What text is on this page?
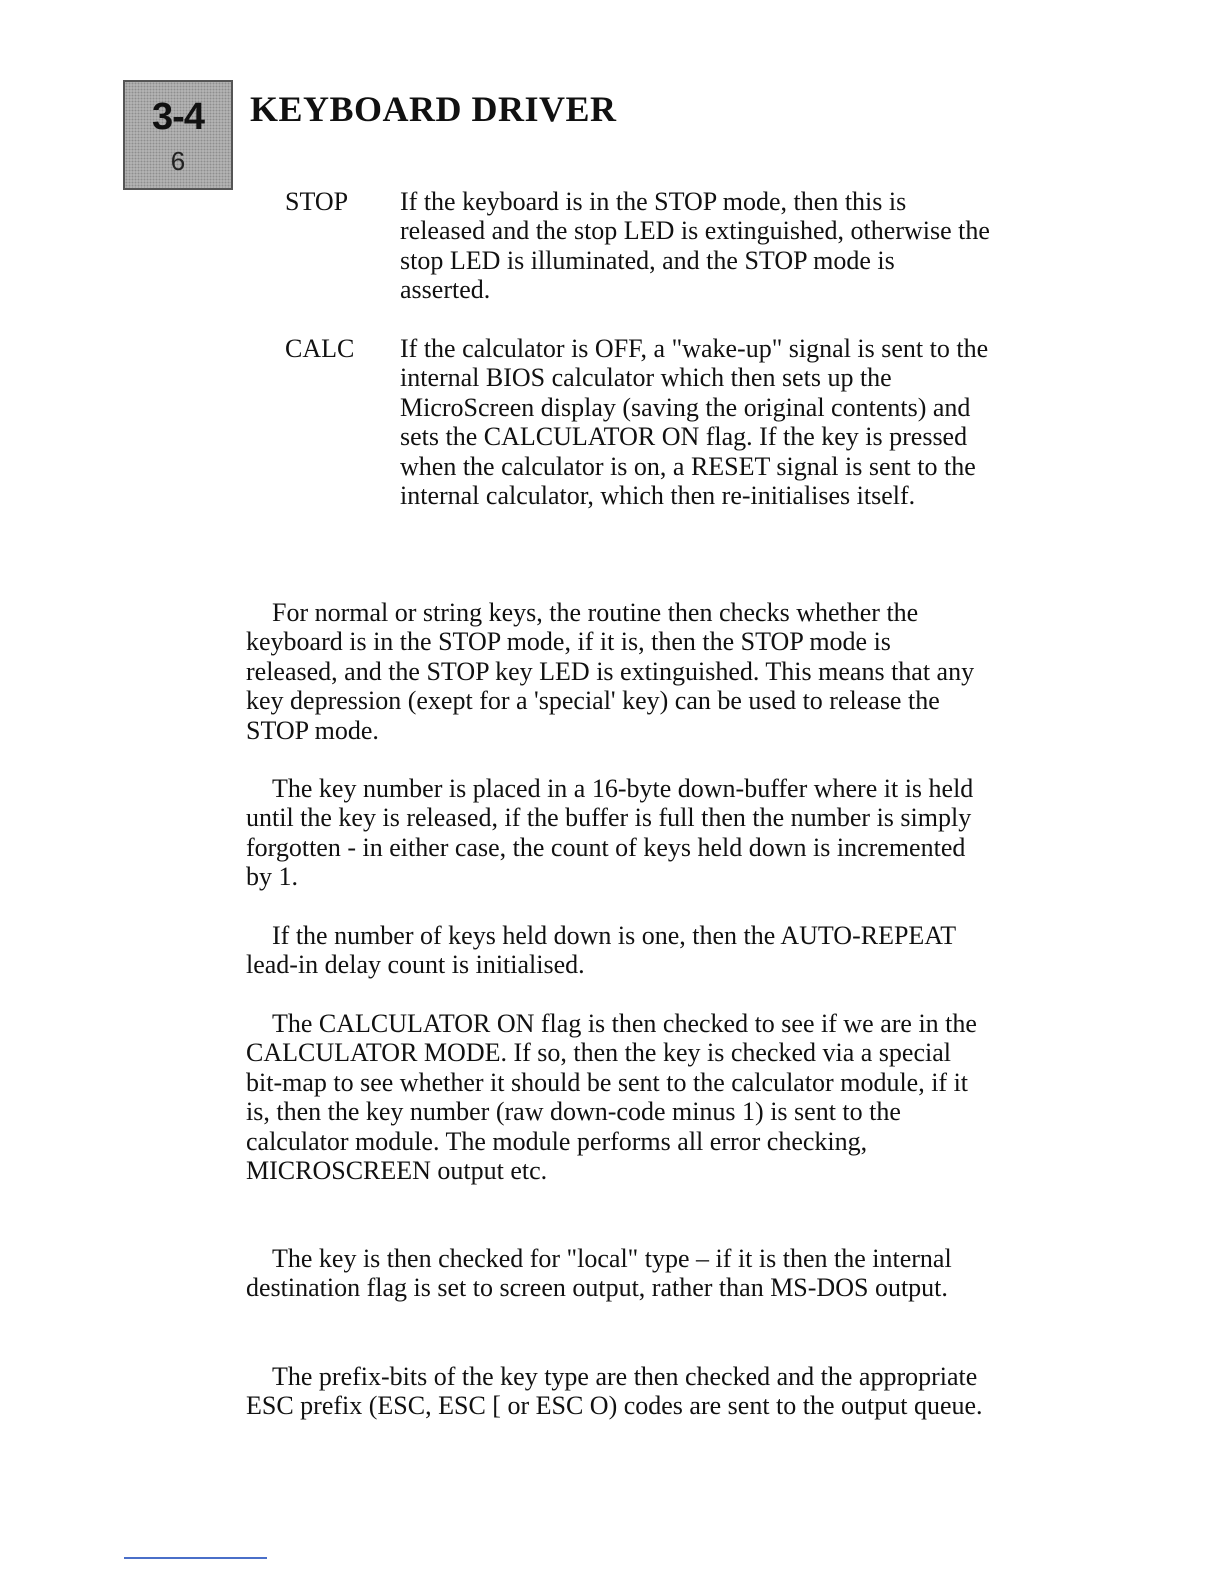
3-4
6
KEYBOARD DRIVER
STOP If the keyboard is in the STOP mode, then this is released and the stop LED is extinguished, otherwise the stop LED is illuminated, and the STOP mode is asserted.
CALC If the calculator is OFF, a "wake-up" signal is sent to the internal BIOS calculator which then sets up the MicroScreen display (saving the original contents) and sets the CALCULATOR ON flag. If the key is pressed when the calculator is on, a RESET signal is sent to the internal calculator, which then re-initialises itself.

For normal or string keys, the routine then checks whether the keyboard is in the STOP mode, if it is, then the STOP mode is released, and the STOP key LED is extinguished. This means that any key depression (exept for a 'special' key) can be used to release the STOP mode.

The key number is placed in a 16-byte down-buffer where it is held until the key is released, if the buffer is full then the number is simply forgotten - in either case, the count of keys held down is incremented by 1.

If the number of keys held down is one, then the AUTO-REPEAT lead-in delay count is initialised.

The CALCULATOR ON flag is then checked to see if we are in the CALCULATOR MODE. If so, then the key is checked via a special bit-map to see whether it should be sent to the calculator module, if it is, then the key number (raw down-code minus 1) is sent to the calculator module. The module performs all error checking, MICROSCREEN output etc.

The key is then checked for "local" type – if it is then the internal destination flag is set to screen output, rather than MS-DOS output.

The prefix-bits of the key type are then checked and the appropriate ESC prefix (ESC, ESC [ or ESC O) codes are sent to the output queue.
